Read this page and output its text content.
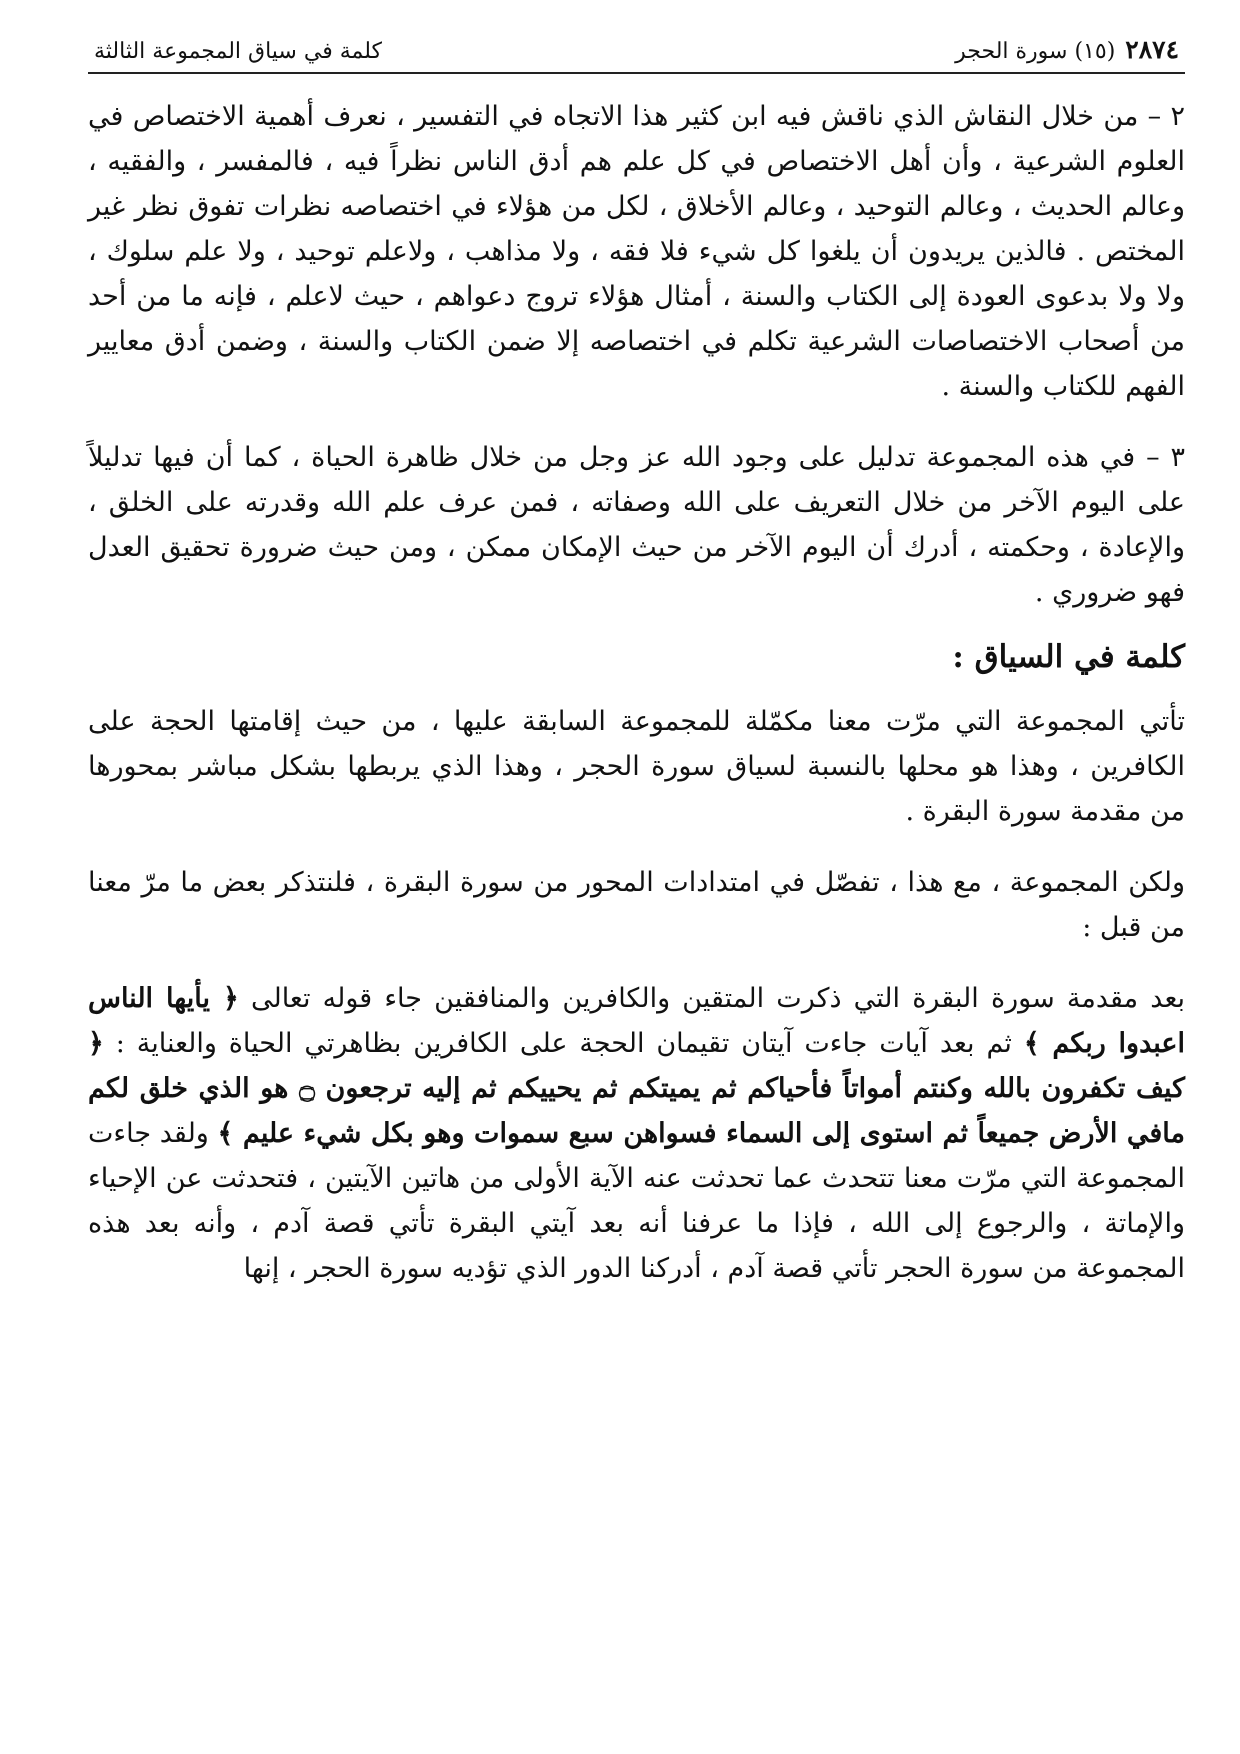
٢٨٧٤
(١٥) سورة الحجر
كلمة في سياق المجموعة الثالثة

٢ – من خلال النقاش الذي ناقش فيه ابن كثير هذا الاتجاه في التفسير ، نعرف أهمية الاختصاص في العلوم الشرعية ، وأن أهل الاختصاص في كل علم هم أدق الناس نظراً فيه ، فالمفسر ، والفقيه ، وعالم الحديث ، وعالم التوحيد ، وعالم الأخلاق ، لكل من هؤلاء في اختصاصه نظرات تفوق نظر غير المختص . فالذين يريدون أن يلغوا كل شيء فلا فقه ، ولا مذاهب ، ولاعلم توحيد ، ولا علم سلوك ، ولا ولا بدعوى العودة إلى الكتاب والسنة ، أمثال هؤلاء تروج دعواهم ، حيث لاعلم ، فإنه ما من أحد من أصحاب الاختصاصات الشرعية تكلم في اختصاصه إلا ضمن الكتاب والسنة ، وضمن أدق معايير الفهم للكتاب والسنة .

٣ – في هذه المجموعة تدليل على وجود الله عز وجل من خلال ظاهرة الحياة ، كما أن فيها تدليلاً على اليوم الآخر من خلال التعريف على الله وصفاته ، فمن عرف علم الله وقدرته على الخلق ، والإعادة ، وحكمته ، أدرك أن اليوم الآخر من حيث الإمكان ممكن ، ومن حيث ضرورة تحقيق العدل فهو ضروري .

كلمة في السياق :

تأتي المجموعة التي مرّت معنا مكمّلة للمجموعة السابقة عليها ، من حيث إقامتها الحجة على الكافرين ، وهذا هو محلها بالنسبة لسياق سورة الحجر ، وهذا الذي يربطها بشكل مباشر بمحورها من مقدمة سورة البقرة .

ولكن المجموعة ، مع هذا ، تفصّل في امتدادات المحور من سورة البقرة ، فلنتذكر بعض ما مرّ معنا من قبل :

بعد مقدمة سورة البقرة التي ذكرت المتقين والكافرين والمنافقين جاء قوله تعالى ﴿ يأيها الناس اعبدوا ربكم ﴾ ثم بعد آيات جاءت آيتان تقيمان الحجة على الكافرين بظاهرتي الحياة والعناية : ﴿ كيف تكفرون بالله وكنتم أمواتاً فأحياكم ثم يميتكم ثم يحييكم ثم إليه ترجعون ۝ هو الذي خلق لكم مافي الأرض جميعاً ثم استوى إلى السماء فسواهن سبع سموات وهو بكل شيء عليم ﴾ ولقد جاءت المجموعة التي مرّت معنا تتحدث عما تحدثت عنه الآية الأولى من هاتين الآيتين ، فتحدثت عن الإحياء والإماتة ، والرجوع إلى الله ، فإذا ما عرفنا أنه بعد آيتي البقرة تأتي قصة آدم ، وأنه بعد هذه المجموعة من سورة الحجر تأتي قصة آدم ، أدركنا الدور الذي تؤديه سورة الحجر ، إنها
